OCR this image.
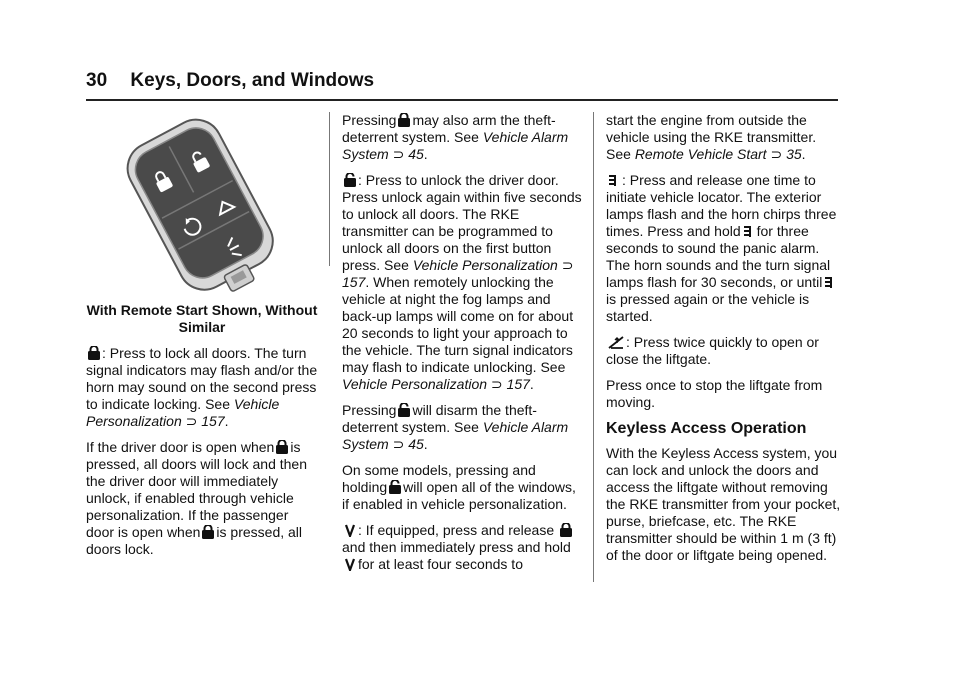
30 Keys, Doors, and Windows

With Remote Start Shown, Without Similar

: Press to lock all doors. The turn signal indicators may flash and/or the horn may sound on the second press to indicate locking. See Vehicle Personalization ⊃ 157.

If the driver door is open when is pressed, all doors will lock and then the driver door will immediately unlock, if enabled through vehicle personalization. If the passenger door is open when is pressed, all doors lock.

Pressing may also arm the theft-deterrent system. See Vehicle Alarm System ⊃ 45.

: Press to unlock the driver door. Press unlock again within five seconds to unlock all doors. The RKE transmitter can be programmed to unlock all doors on the first button press. See Vehicle Personalization ⊃ 157. When remotely unlocking the vehicle at night the fog lamps and back-up lamps will come on for about 20 seconds to light your approach to the vehicle. The turn signal indicators may flash to indicate unlocking. See Vehicle Personalization ⊃ 157.

Pressing will disarm the theft-deterrent system. See Vehicle Alarm System ⊃ 45.

On some models, pressing and holding will open all of the windows, if enabled in vehicle personalization.

: If equipped, press and release
and then immediately press and hold
for at least four seconds to

start the engine from outside the vehicle using the RKE transmitter. See Remote Vehicle Start ⊃ 35.

: Press and release one time to initiate vehicle locator. The exterior lamps flash and the horn chirps three times. Press and hold for three seconds to sound the panic alarm. The horn sounds and the turn signal lamps flash for 30 seconds, or until
is pressed again or the vehicle is started.

: Press twice quickly to open or close the liftgate.

Press once to stop the liftgate from moving.

Keyless Access Operation

With the Keyless Access system, you can lock and unlock the doors and access the liftgate without removing the RKE transmitter from your pocket, purse, briefcase, etc. The RKE transmitter should be within 1 m (3 ft) of the door or liftgate being opened.
